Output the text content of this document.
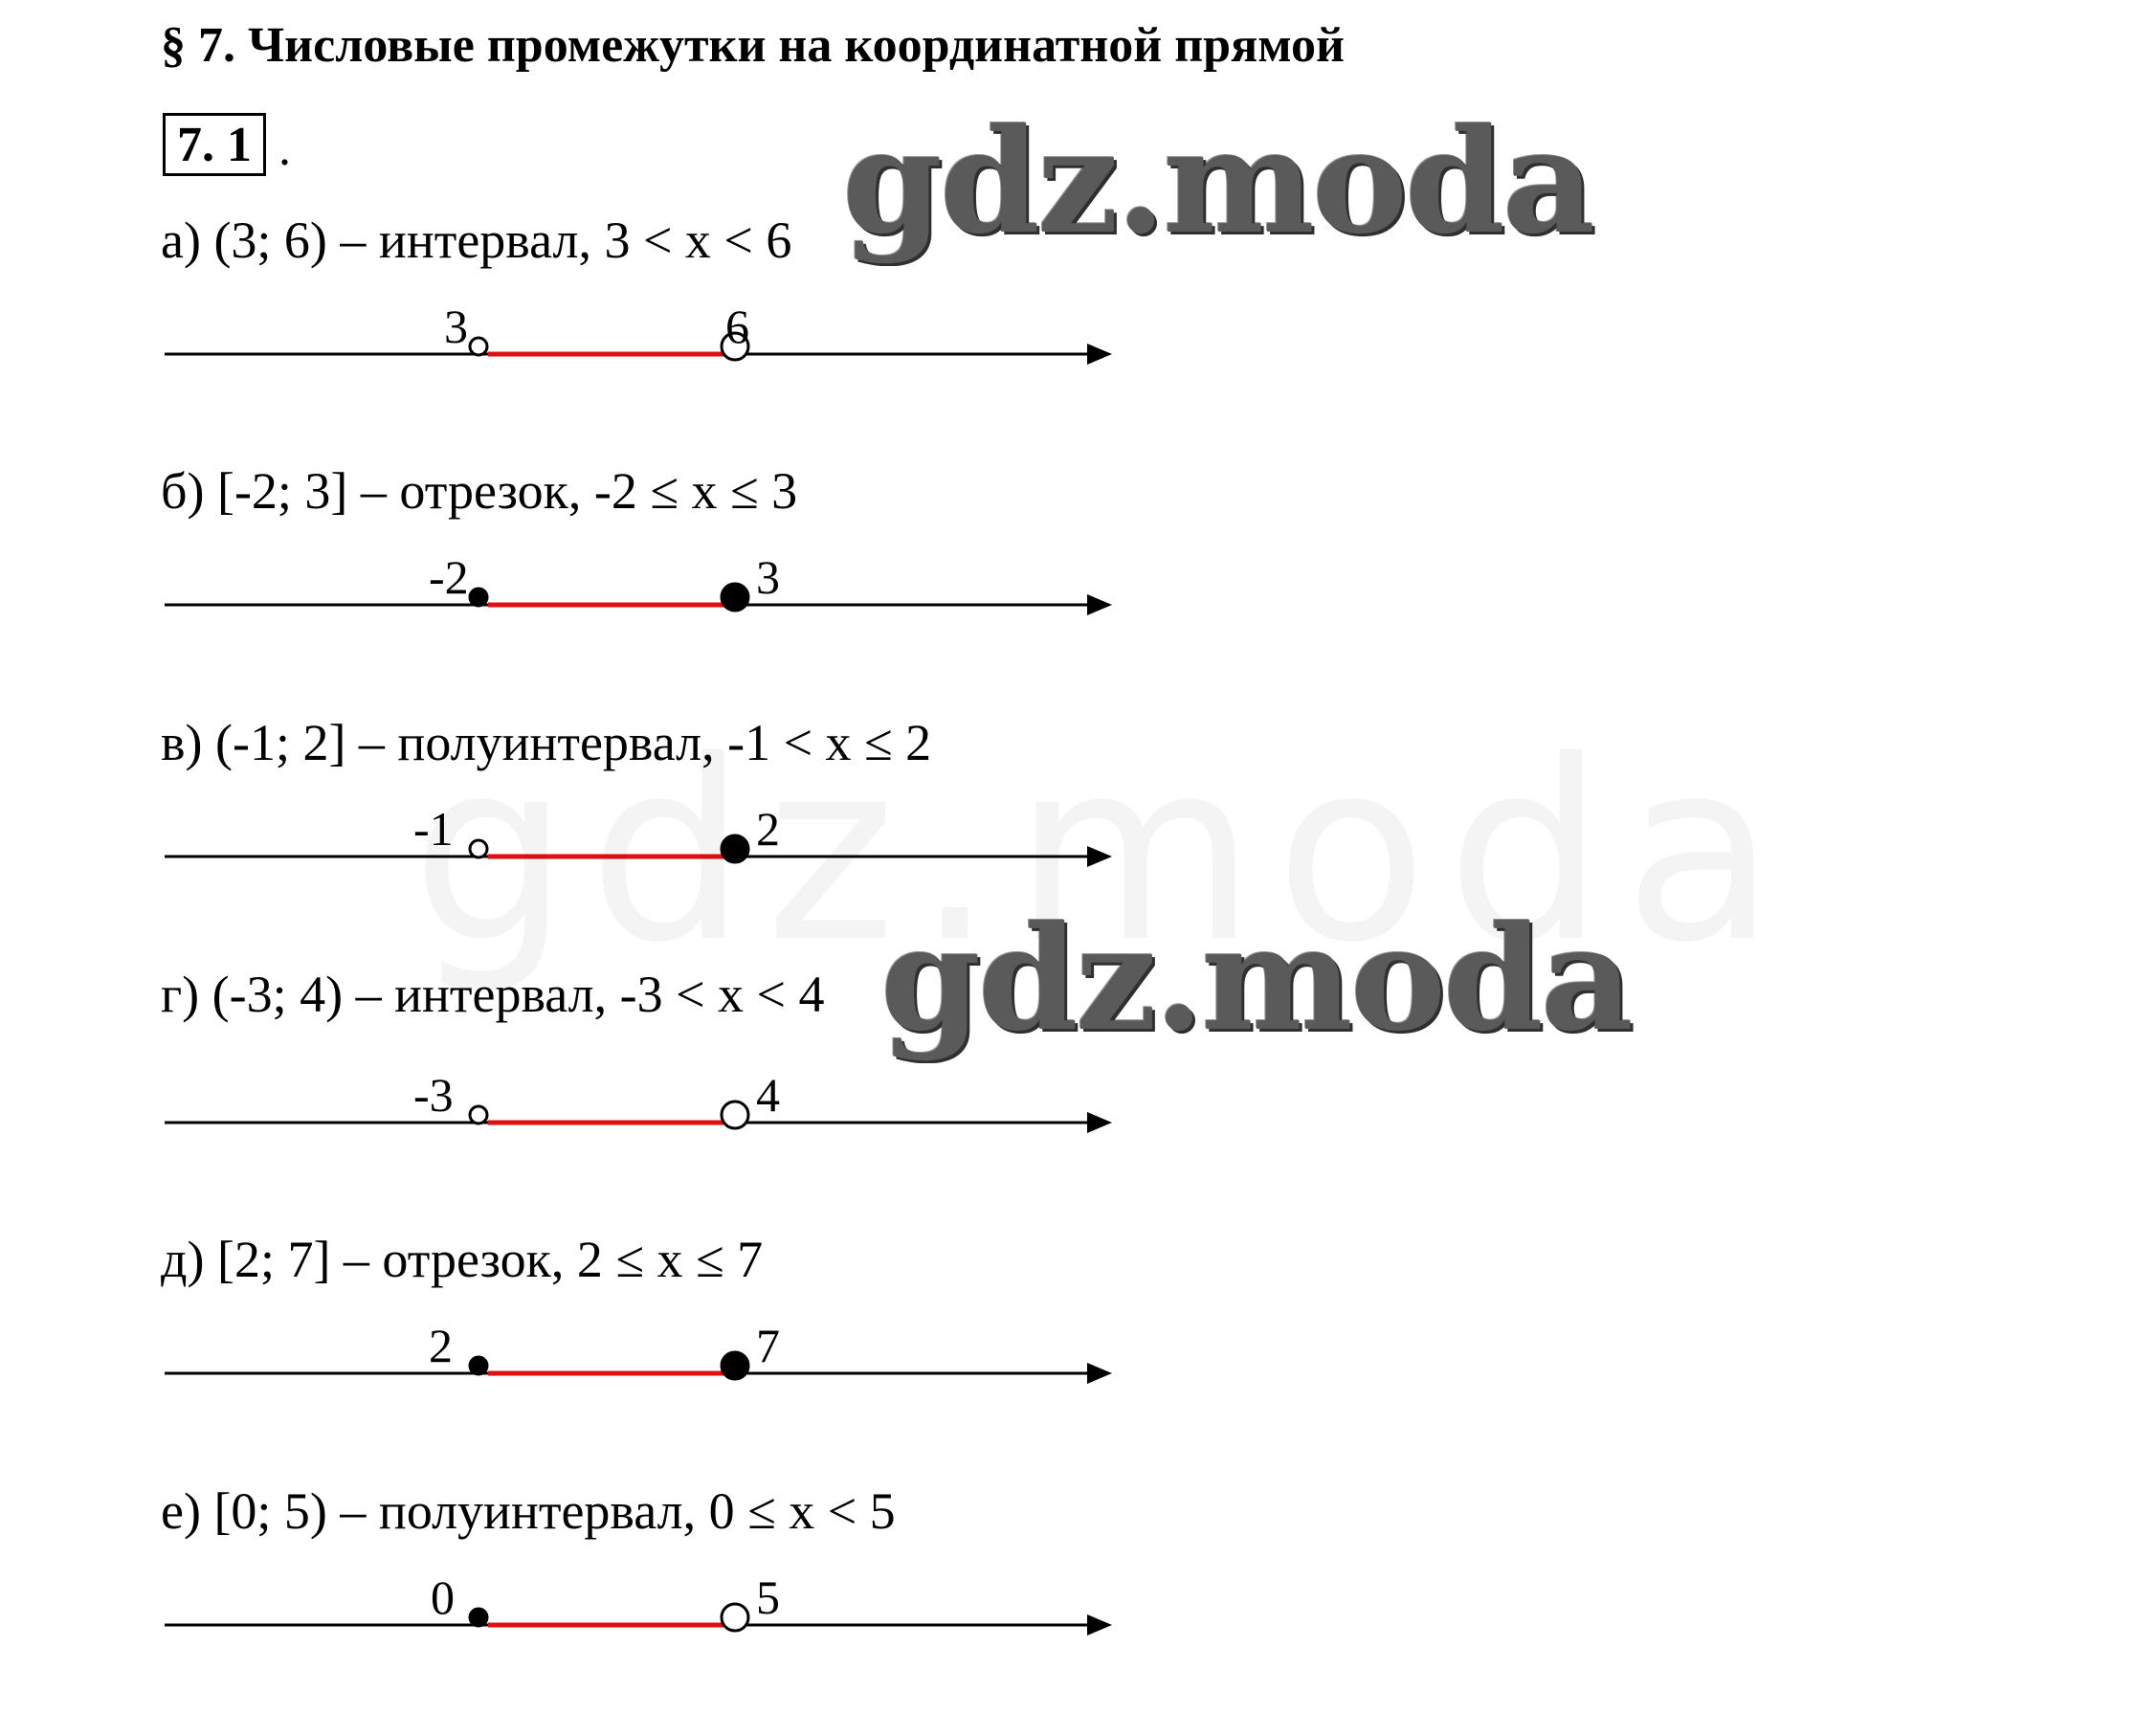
§ 7. Числовые промежутки на координатной прямой
7. 1 .
а) (3; 6) – интервал, 3 < x < 6
3	6
б) [-2; 3] – отрезок, -2 ≤ x ≤ 3
-2	3
в) (-1; 2] – полуинтервал, -1 < x ≤ 2
-1	2
г) (-3; 4) – интервал, -3 < x < 4
-3	4
д) [2; 7] – отрезок, 2 ≤ x ≤ 7
2	7
е) [0; 5) – полуинтервал, 0 ≤ x < 5
0	5
gdz.moda
gdz.moda
